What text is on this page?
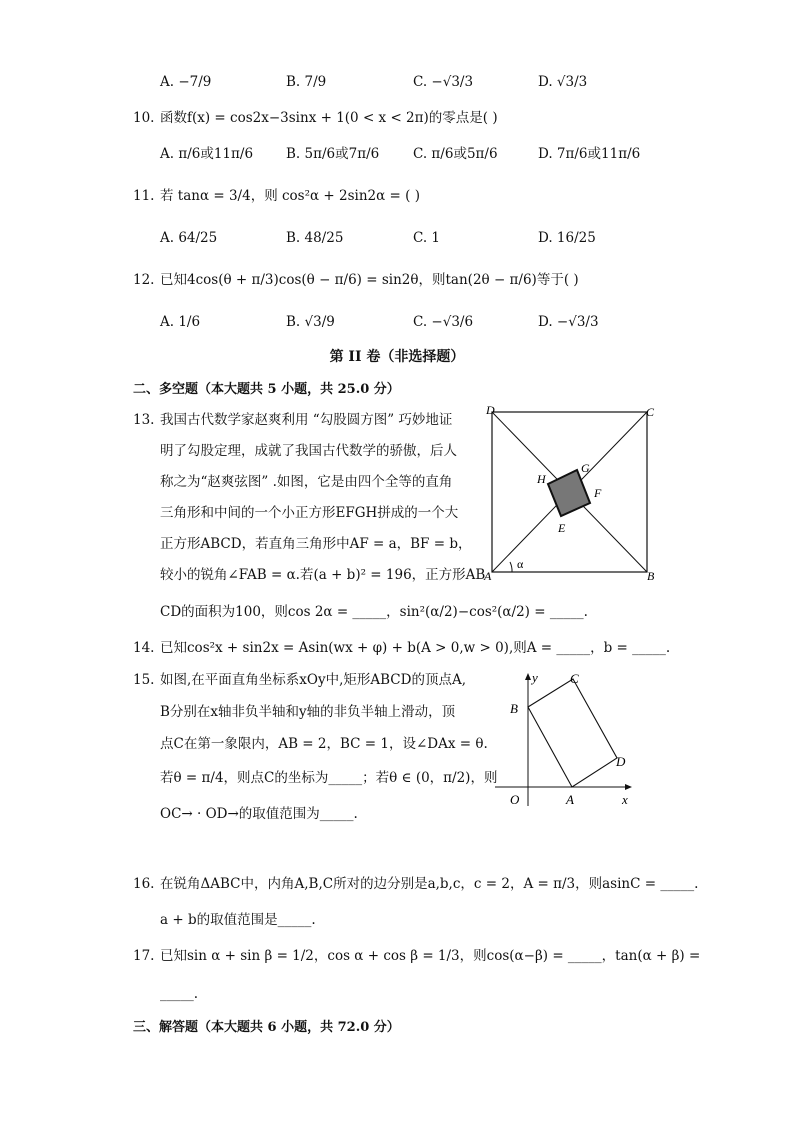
A. −7/9	B. 7/9	C. −√3/3	D. √3/3
10. 函数f(x) = cos2x−3sinx + 1(0 < x < 2π)的零点是( )
A. π/6或11π/6 B. 5π/6或7π/6	C. π/6或5π/6	D. 7π/6或11π/6
11. 若 tanα = 3/4，则 cos²α + 2sin2α = ( )
A. 64/25	B. 48/25	C. 1	D. 16/25
12. 已知4cos(θ + π/3)cos(θ − π/6) = sin2θ，则tan(2θ − π/6)等于( )
A. 1/6	B. √3/9	C. −√3/6	D. −√3/3
第 II 卷（非选择题）
二、多空题（本大题共 5 小题，共 25.0 分）
13. 我国古代数学家赵爽利用 “勾股圆方图” 巧妙地证
明了勾股定理，成就了我国古代数学的骄傲，后人
称之为“赵爽弦图” .如图，它是由四个全等的直角
三角形和中间的一个小正方形EFGH拼成的一个大
正方形ABCD，若直角三角形中AF = a，BF = b，
较小的锐角∠FAB = α.若(a + b)² = 196，正方形AB
CD的面积为100，则cos 2α = _____，sin²(α/2)−cos²(α/2) = _____.
D	C
A	B
H
G
F
E
α
14. 已知cos²x + sin2x = Asin(wx + φ) + b(A > 0,w > 0),则A = _____，b = _____.
15. 如图,在平面直角坐标系xOy中,矩形ABCD的顶点A,
B分别在x轴非负半轴和y轴的非负半轴上滑动，顶
点C在第一象限内，AB = 2，BC = 1，设∠DAx = θ.
若θ = π/4，则点C的坐标为_____；若θ ∈ (0，π/2)，则
OC→ · OD→的取值范围为_____.
y
x
O	A
B
C
D
16. 在锐角ΔABC中，内角A,B,C所对的边分别是a,b,c，c = 2，A = π/3，则asinC = _____.
a + b的取值范围是_____.
17. 已知sin α + sin β = 1/2，cos α + cos β = 1/3，则cos(α−β) = _____，tan(α + β) =
_____.
三、解答题（本大题共 6 小题，共 72.0 分）
